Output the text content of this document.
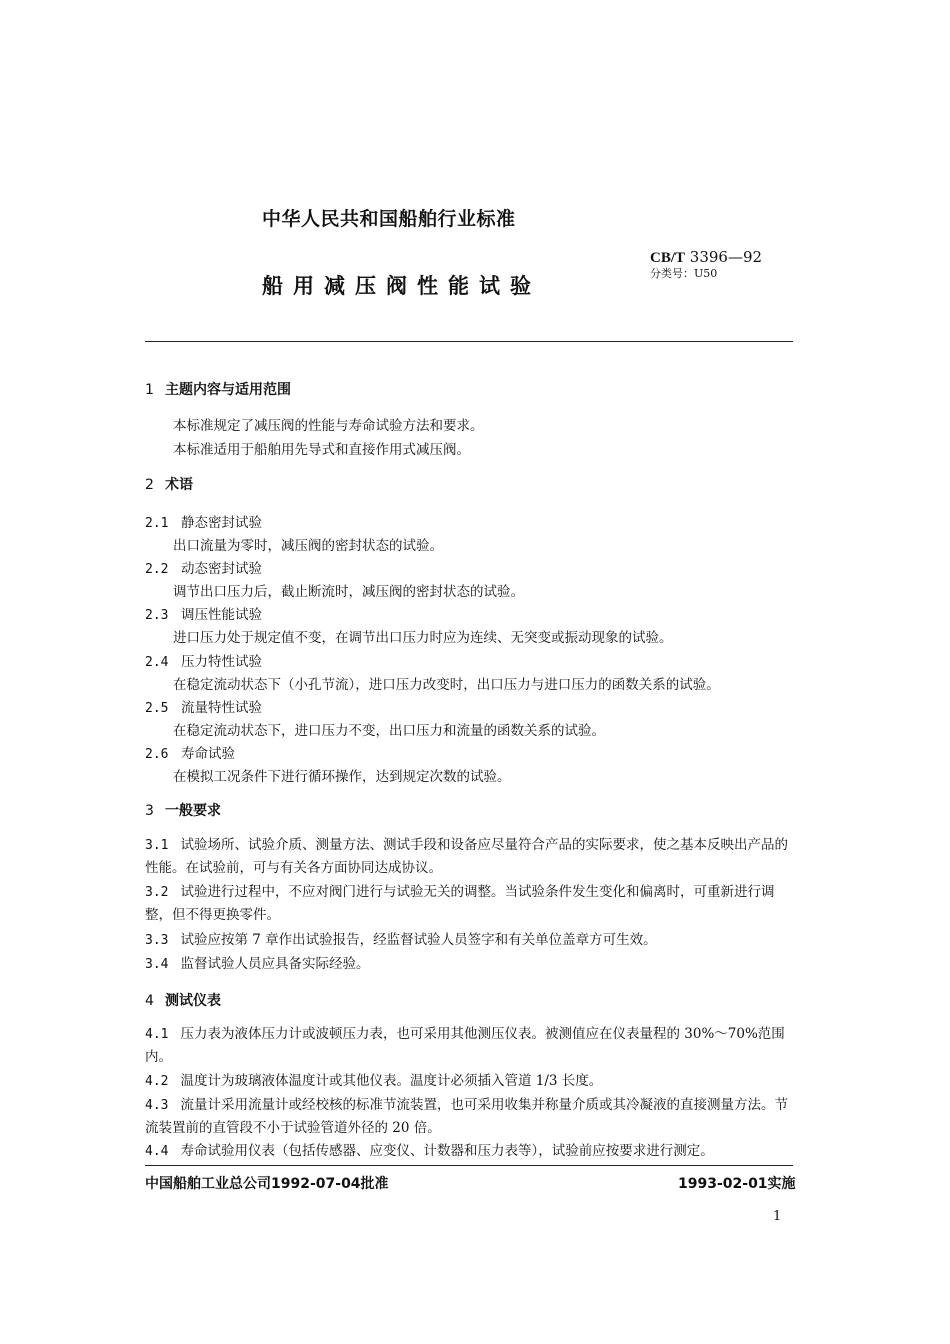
中华人民共和国船舶行业标准
船用减压阀性能试验
CB/T 3396—92
分类号：U50
1 主题内容与适用范围
本标准规定了减压阀的性能与寿命试验方法和要求。
本标准适用于船舶用先导式和直接作用式减压阀。
2 术语
2.1 静态密封试验
出口流量为零时，减压阀的密封状态的试验。
2.2 动态密封试验
调节出口压力后，截止断流时，减压阀的密封状态的试验。
2.3 调压性能试验
进口压力处于规定值不变，在调节出口压力时应为连续、无突变或振动现象的试验。
2.4 压力特性试验
在稳定流动状态下（小孔节流），进口压力改变时，出口压力与进口压力的函数关系的试验。
2.5 流量特性试验
在稳定流动状态下，进口压力不变，出口压力和流量的函数关系的试验。
2.6 寿命试验
在模拟工况条件下进行循环操作，达到规定次数的试验。
3 一般要求
3.1 试验场所、试验介质、测量方法、测试手段和设备应尽量符合产品的实际要求，使之基本反映出产品的性能。在试验前，可与有关各方面协同达成协议。
3.2 试验进行过程中，不应对阀门进行与试验无关的调整。当试验条件发生变化和偏离时，可重新进行调整，但不得更换零件。
3.3 试验应按第 7 章作出试验报告，经监督试验人员签字和有关单位盖章方可生效。
3.4 监督试验人员应具备实际经验。
4 测试仪表
4.1 压力表为液体压力计或波顿压力表，也可采用其他测压仪表。被测值应在仪表量程的 30%～70%范围内。
4.2 温度计为玻璃液体温度计或其他仪表。温度计必须插入管道 1/3 长度。
4.3 流量计采用流量计或经校核的标准节流装置，也可采用收集并称量介质或其冷凝液的直接测量方法。节流装置前的直管段不小于试验管道外径的 20 倍。
4.4 寿命试验用仪表（包括传感器、应变仪、计数器和压力表等），试验前应按要求进行测定。
中国船舶工业总公司1992-07-04批准	1993-02-01实施
1
